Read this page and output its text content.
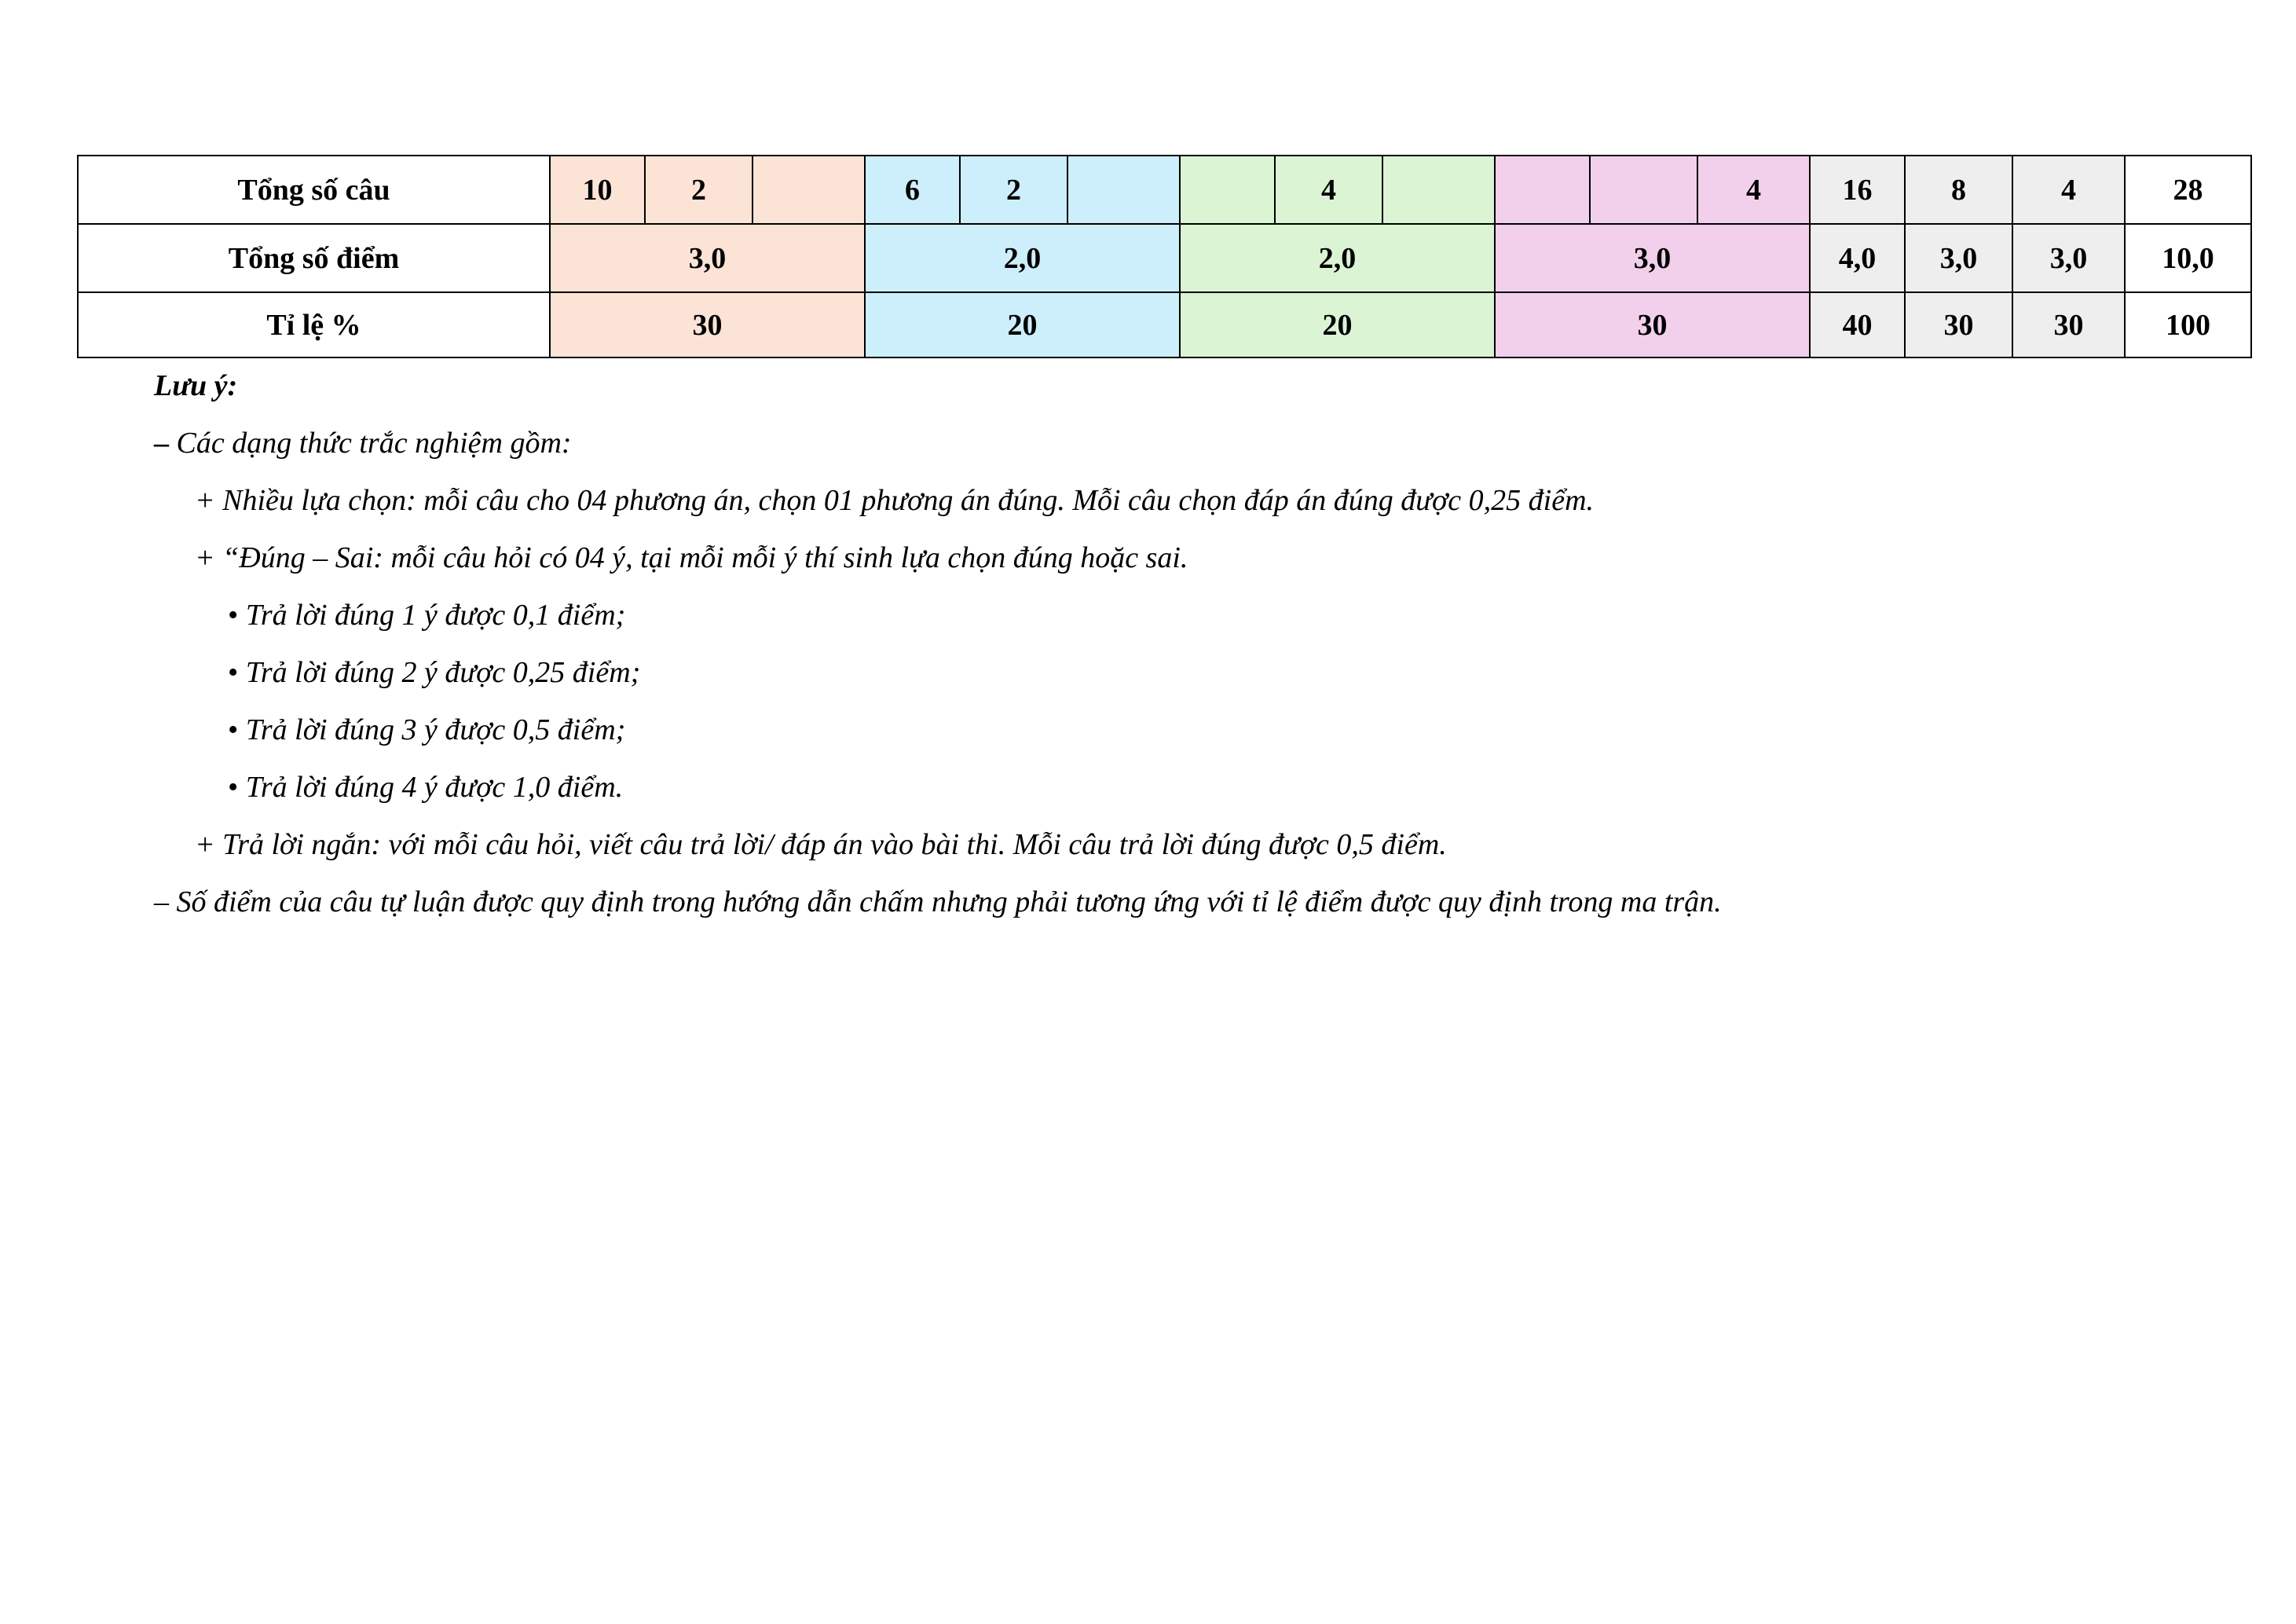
Tổng số câu	10	2		6	2			4				4	16	8	4	28
Tổng số điểm	3,0			2,0			2,0			3,0			4,0	3,0	3,0	10,0
Tỉ lệ %	30			20			20			30			40	30	30	100
Lưu ý:
– Các dạng thức trắc nghiệm gồm:
+ Nhiều lựa chọn: mỗi câu cho 04 phương án, chọn 01 phương án đúng. Mỗi câu chọn đáp án đúng được 0,25 điểm.
+ “Đúng – Sai: mỗi câu hỏi có 04 ý, tại mỗi mỗi ý thí sinh lựa chọn đúng hoặc sai.
• Trả lời đúng 1 ý được 0,1 điểm;
• Trả lời đúng 2 ý được 0,25 điểm;
• Trả lời đúng 3 ý được 0,5 điểm;
• Trả lời đúng 4 ý được 1,0 điểm.
+ Trả lời ngắn: với mỗi câu hỏi, viết câu trả lời/ đáp án vào bài thi. Mỗi câu trả lời đúng được 0,5 điểm.
– Số điểm của câu tự luận được quy định trong hướng dẫn chấm nhưng phải tương ứng với tỉ lệ điểm được quy định trong ma trận.
